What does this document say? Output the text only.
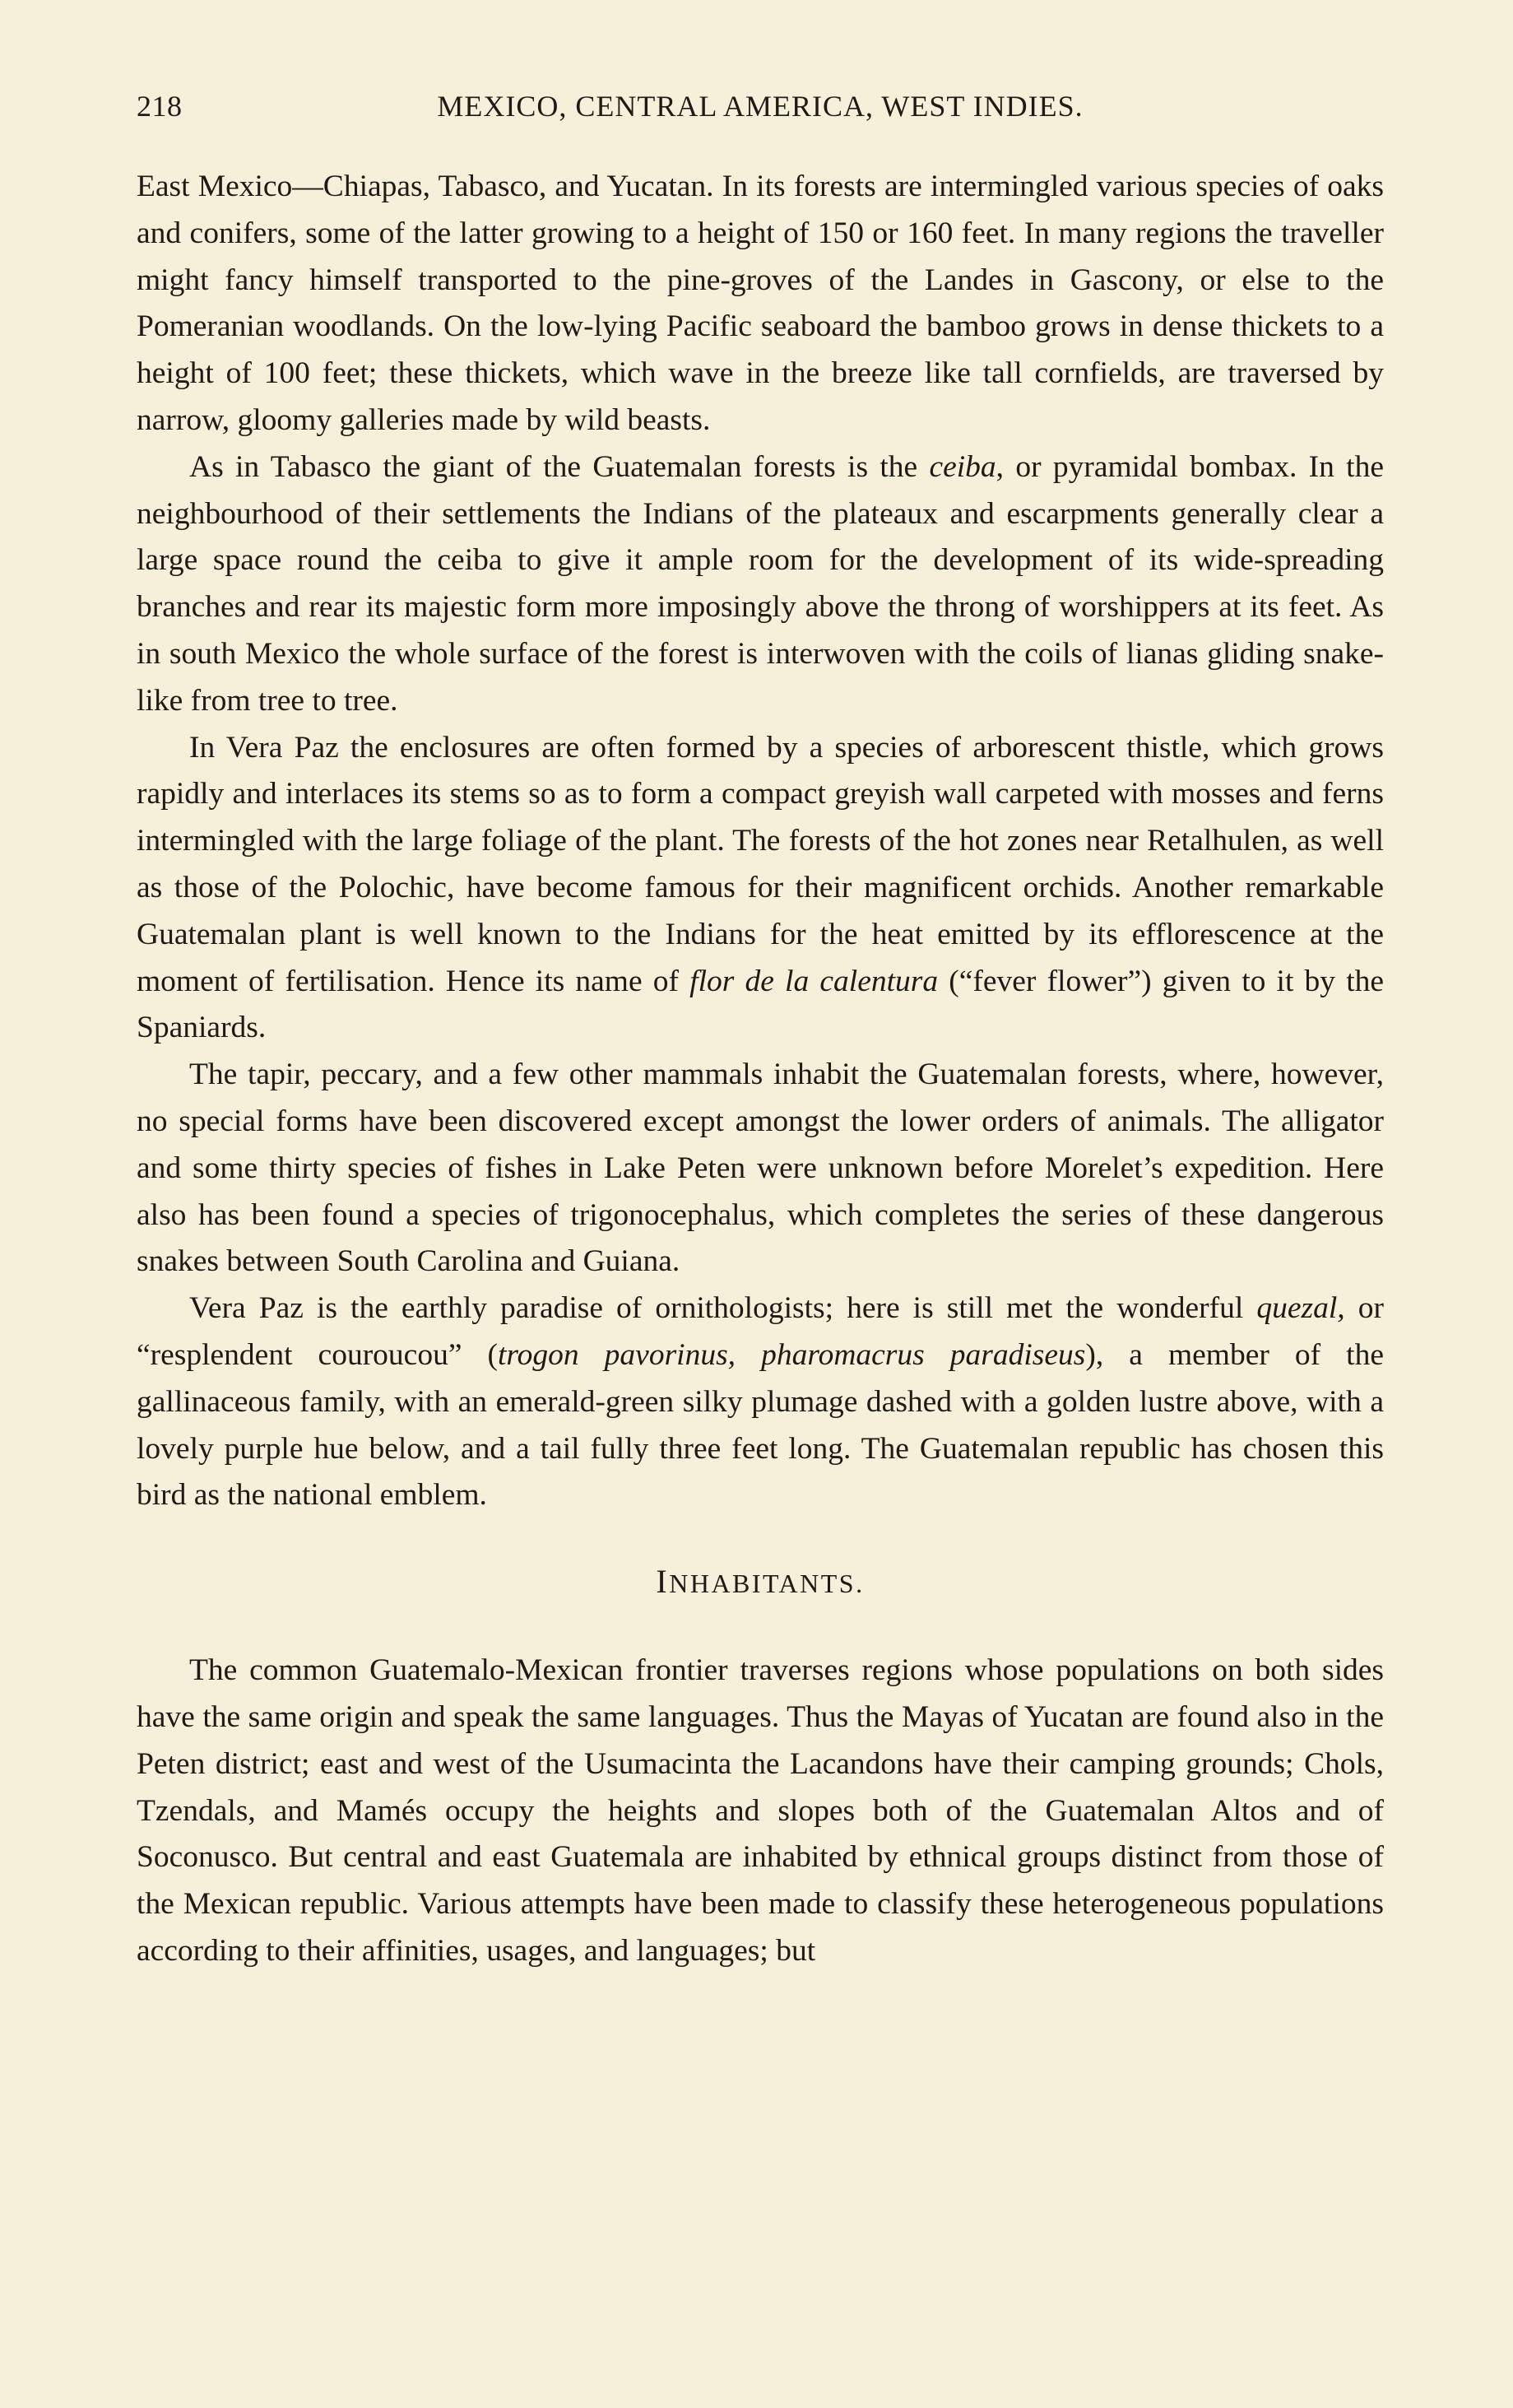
218	MEXICO, CENTRAL AMERICA, WEST INDIES.

East Mexico—Chiapas, Tabasco, and Yucatan. In its forests are intermingled various species of oaks and conifers, some of the latter growing to a height of 150 or 160 feet. In many regions the traveller might fancy himself transported to the pine-groves of the Landes in Gascony, or else to the Pomeranian woodlands. On the low-lying Pacific seaboard the bamboo grows in dense thickets to a height of 100 feet; these thickets, which wave in the breeze like tall cornfields, are traversed by narrow, gloomy galleries made by wild beasts.

As in Tabasco the giant of the Guatemalan forests is the ceiba, or pyramidal bombax. In the neighbourhood of their settlements the Indians of the plateaux and escarpments generally clear a large space round the ceiba to give it ample room for the development of its wide-spreading branches and rear its majestic form more imposingly above the throng of worshippers at its feet. As in south Mexico the whole surface of the forest is interwoven with the coils of lianas gliding snake-like from tree to tree.

In Vera Paz the enclosures are often formed by a species of arborescent thistle, which grows rapidly and interlaces its stems so as to form a compact greyish wall carpeted with mosses and ferns intermingled with the large foliage of the plant. The forests of the hot zones near Retalhulen, as well as those of the Polochic, have become famous for their magnificent orchids. Another remarkable Guatemalan plant is well known to the Indians for the heat emitted by its efflorescence at the moment of fertilisation. Hence its name of flor de la calentura (“fever flower”) given to it by the Spaniards.

The tapir, peccary, and a few other mammals inhabit the Guatemalan forests, where, however, no special forms have been discovered except amongst the lower orders of animals. The alligator and some thirty species of fishes in Lake Peten were unknown before Morelet’s expedition. Here also has been found a species of trigonocephalus, which completes the series of these dangerous snakes between South Carolina and Guiana.

Vera Paz is the earthly paradise of ornithologists; here is still met the wonderful quezal, or “resplendent couroucou” (trogon pavorinus, pharomacrus paradiseus), a member of the gallinaceous family, with an emerald-green silky plumage dashed with a golden lustre above, with a lovely purple hue below, and a tail fully three feet long. The Guatemalan republic has chosen this bird as the national emblem.

INHABITANTS.

The common Guatemalo-Mexican frontier traverses regions whose populations on both sides have the same origin and speak the same languages. Thus the Mayas of Yucatan are found also in the Peten district; east and west of the Usumacinta the Lacandons have their camping grounds; Chols, Tzendals, and Mamés occupy the heights and slopes both of the Guatemalan Altos and of Soconusco. But central and east Guatemala are inhabited by ethnical groups distinct from those of the Mexican republic. Various attempts have been made to classify these heterogeneous populations according to their affinities, usages, and languages; but
